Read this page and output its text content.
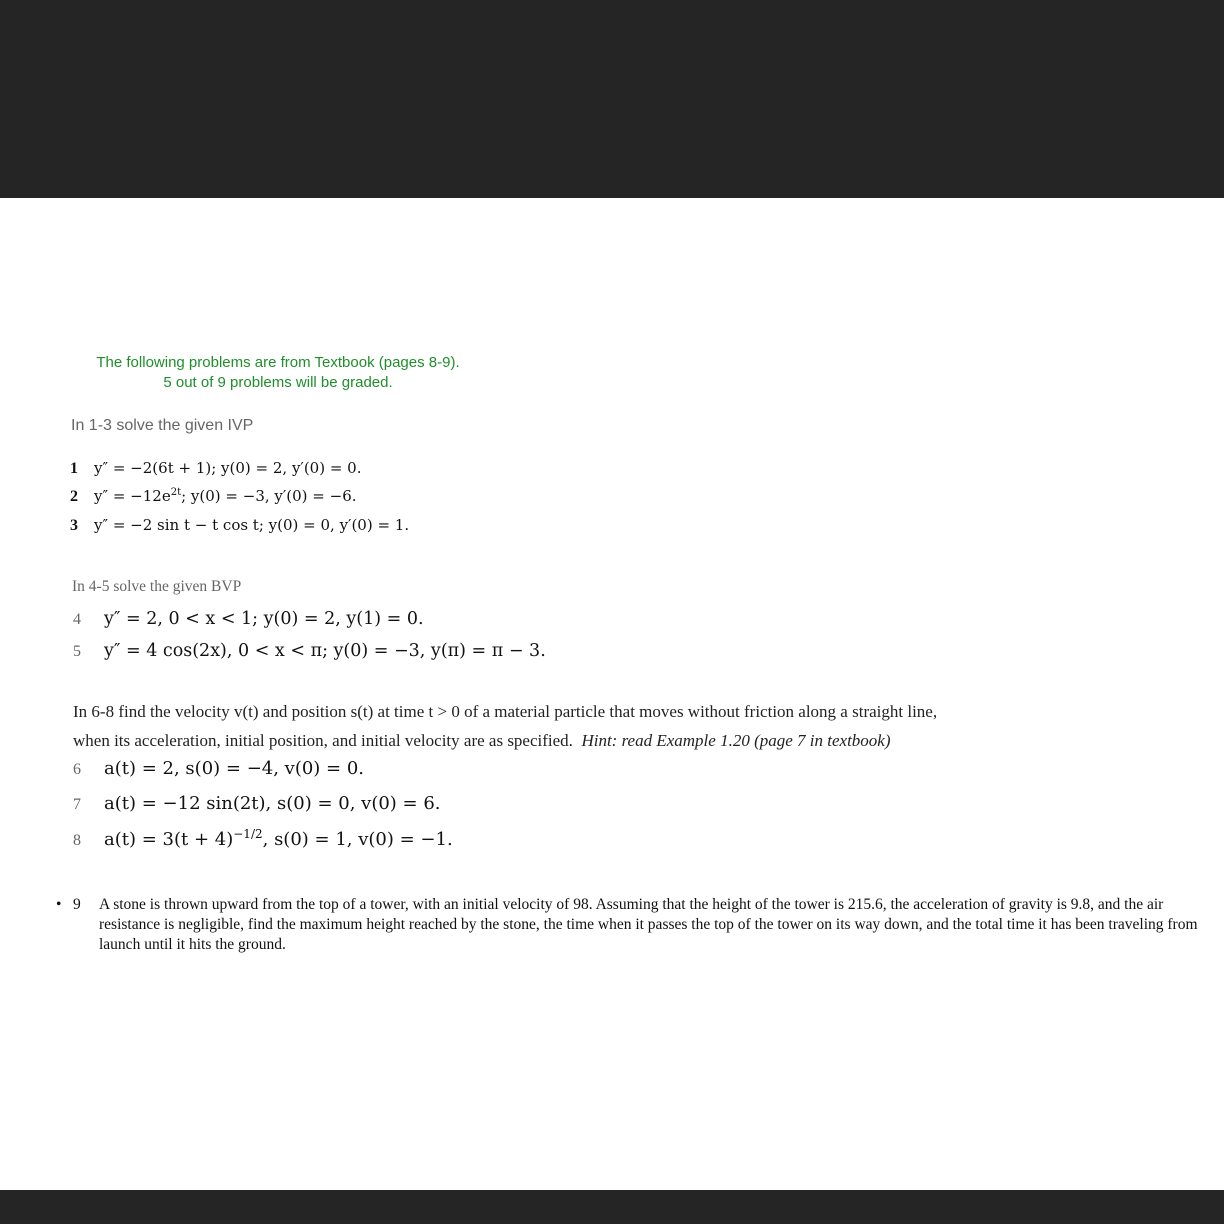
The following problems are from Textbook (pages 8-9).
5 out of 9 problems will be graded.
In 1-3 solve the given IVP
1 y″ = −2(6t + 1); y(0) = 2, y′(0) = 0.
2 $y'' = -12e^{2t}$; y(0) = −3, y′(0) = −6.
3 y″ = −2 sin t − t cos t; y(0) = 0, y′(0) = 1.
In 4-5 solve the given BVP
4 y″ = 2, 0 < x < 1; y(0) = 2, y(1) = 0.
5 y″ = 4 cos(2x), 0 < x < π; y(0) = −3, y(π) = π − 3.
In 6-8 find the velocity v(t) and position s(t) at time t > 0 of a material particle that moves without friction along a straight line,
when its acceleration, initial position, and initial velocity are as specified. Hint: read Example 1.20 (page 7 in textbook)
6 a(t) = 2, s(0) = −4, v(0) = 0.
7 a(t) = −12 sin(2t), s(0) = 0, v(0) = 6.
8 $a(t) = 3(t + 4)^{-1/2}$, s(0) = 1, v(0) = −1.
• 9 A stone is thrown upward from the top of a tower, with an initial velocity of 98. Assuming that the height of the tower is 215.6, the acceleration of gravity is 9.8, and the air resistance is negligible, find the maximum height reached by the stone, the time when it passes the top of the tower on its way down, and the total time it has been traveling from launch until it hits the ground.
